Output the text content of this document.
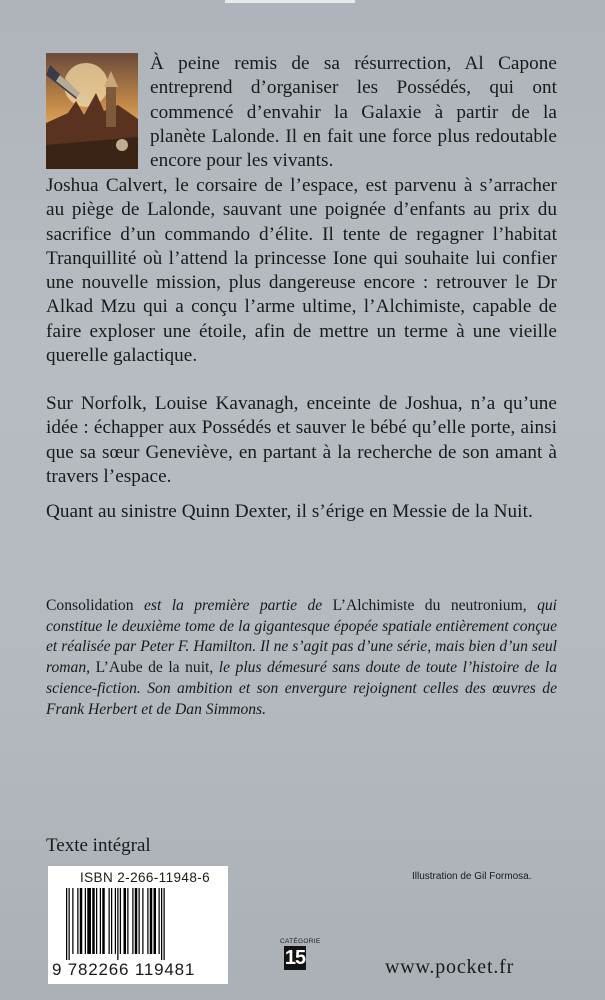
À peine remis de sa résurrection, Al Capone entreprend d’organiser les Possédés, qui ont commencé d’envahir la Galaxie à partir de la planète Lalonde. Il en fait une force plus redoutable encore pour les vivants.

Joshua Calvert, le corsaire de l’espace, est parvenu à s’arracher au piège de Lalonde, sauvant une poignée d’enfants au prix du sacrifice d’un commando d’élite. Il tente de regagner l’habitat Tranquillité où l’attend la princesse Ione qui souhaite lui confier une nouvelle mission, plus dangereuse encore : retrouver le Dr Alkad Mzu qui a conçu l’arme ultime, l’Alchimiste, capable de faire exploser une étoile, afin de mettre un terme à une vieille querelle galactique.

Sur Norfolk, Louise Kavanagh, enceinte de Joshua, n’a qu’une idée : échapper aux Possédés et sauver le bébé qu’elle porte, ainsi que sa sœur Geneviève, en partant à la recherche de son amant à travers l’espace.

Quant au sinistre Quinn Dexter, il s’érige en Messie de la Nuit.

Consolidation est la première partie de L’Alchimiste du neutronium, qui constitue le deuxième tome de la gigantesque épopée spatiale entièrement conçue et réalisée par Peter F. Hamilton. Il ne s’agit pas d’une série, mais bien d’un seul roman, L’Aube de la nuit, le plus démesuré sans doute de toute l’histoire de la science-fiction. Son ambition et son envergure rejoignent celles des œuvres de Frank Herbert et de Dan Simmons.

Texte intégral
ISBN 2-266-11948-6
9 782266 119481
Illustration de Gil Formosa.
CATÉGORIE
15	www.pocket.fr
